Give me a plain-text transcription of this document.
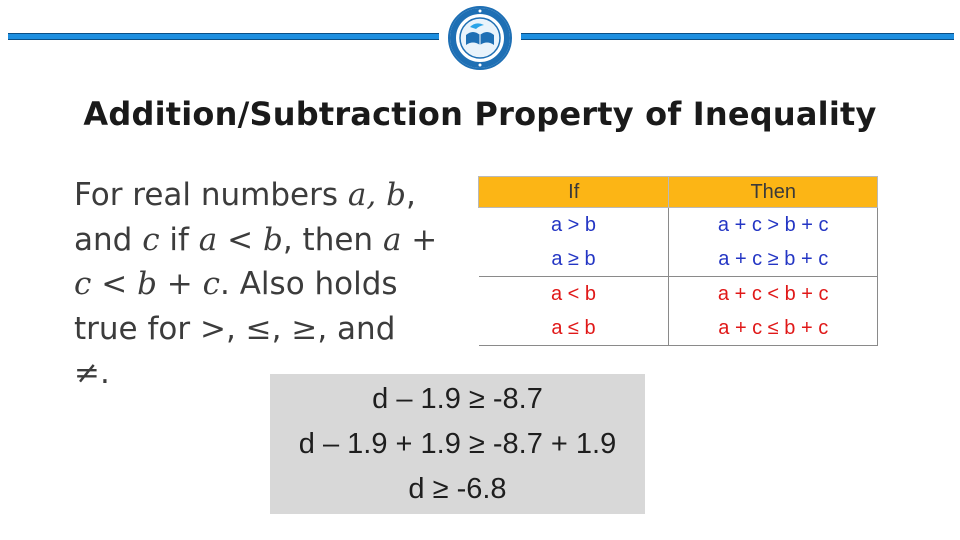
Addition/Subtraction Property of Inequality
For real numbers a, b,
and c if a < b, then a +
c < b + c. Also holds
true for >, ≤, ≥, and
≠.
If	Then
a > b	a + c > b + c
a ≥ b	a + c ≥ b + c
a < b	a + c < b + c
a ≤ b	a + c ≤ b + c
d – 1.9 ≥ -8.7
d – 1.9 + 1.9 ≥ -8.7 + 1.9
d ≥ -6.8
